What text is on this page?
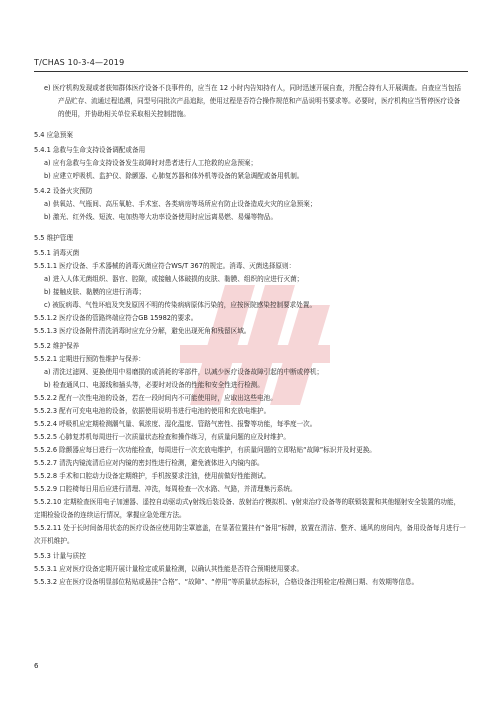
T/CHAS 10-3-4—2019
e) 医疗机构发现或者获知群体医疗设备不良事件的，应当在 12 小时内告知持有人，同时迅速开展自查，并配合持有人开展调查。自查应当包括产品贮存、流通过程追溯，同型号同批次产品追踪，使用过程是否符合操作规范和产品说明书要求等。必要时，医疗机构应当暂停医疗设备的使用，并协助相关单位采取相关控制措施。
5.4 应急预案
5.4.1 急救与生命支持设备调配或备用
a) 应有急救与生命支持设备发生故障时对患者进行人工抢救的应急预案；
b) 应建立呼吸机、监护仪、除颤器、心肺复苏器和体外机等设备的紧急调配或备用机制。
5.4.2 设备火灾预防
a) 供氧站、气瓶间、高压氧舱、手术室、各类病房等场所应有防止设备造成火灾的应急预案；
b) 激光、红外线、短波、电加热等大功率设备使用时应远离易燃、易爆等物品。
5.5 维护管理
5.5.1 消毒灭菌
5.5.1.1 医疗设备、手术器械的消毒灭菌应符合WS/T 367的规定。消毒、灭菌选择原则：
a) 进入人体无菌组织、器官、腔隙，或接触人体破损的皮肤、黏膜、组织的应进行灭菌；
b) 接触皮肤、黏膜的应进行消毒；
c) 被朊病毒、气性坏疽及突发原因不明的传染病病原体污染的，应按医院感染控制要求处置。
5.5.1.2 医疗设备的管路终端应符合GB 15982的要求。
5.5.1.3 医疗设备附件清洗消毒时应充分分解，避免出现死角和残留区域。
5.5.2 维护保养
5.5.2.1 定期进行预防性维护与保养：
a) 清洗过滤网、更换使用中易磨损的或消耗的零部件，以减少医疗设备故障引起的中断或停机；
b) 检查通风口、电源线和插头等，必要时对设备的性能和安全性进行检测。
5.5.2.2 配有一次性电池的设备，若在一段时间内不可能使用时，应取出这些电池。
5.5.2.3 配有可充电电池的设备，依据使用说明书进行电池的使用和充放电维护。
5.5.2.4 呼吸机应定期检测潮气量、氧浓度、湿化温度、管路气密性、报警等功能，每季度一次。
5.5.2.5 心肺复苏机每周进行一次质量状态检查和操作练习，有质量问题的应及时维护。
5.5.2.6 除颤器应每日进行一次功能检查，每周进行一次充放电维护，有质量问题的立即粘贴“故障”标识并及时更换。
5.5.2.7 清洗内镜流清后应对内镜的密封性进行检测，避免液体进入内镜内部。
5.5.2.8 手术和口腔动力设备定期维护，手机按要求注油，使用前做好性能测试。
5.5.2.9 口腔椅每日用后应进行清理、冲洗，每周检查一次水路、气路，并清理集污系统。
5.5.2.10 定期检查医用电子加速器、遥控自动驱动式γ射线后装设备、放射治疗模拟机、γ射束治疗设备等的联锁装置和其他辐射安全装置的功能，定期检验设备的连续运行情况，掌握应急处理方法。
5.5.2.11 处于长时间备用状态的医疗设备应使用防尘罩遮盖，在显著位置挂有“备用”标牌，放置在清洁、整齐、通风的房间内，备用设备每月进行一次开机维护。
5.5.3 计量与质控
5.5.3.1 应对医疗设备定期开展计量检定或质量检测，以确认其性能是否符合预期使用要求。
5.5.3.2 应在医疗设备明显部位粘贴或悬挂“合格”、“故障”、“停用”等质量状态标识，合格设备注明检定/检测日期、有效期等信息。
6
